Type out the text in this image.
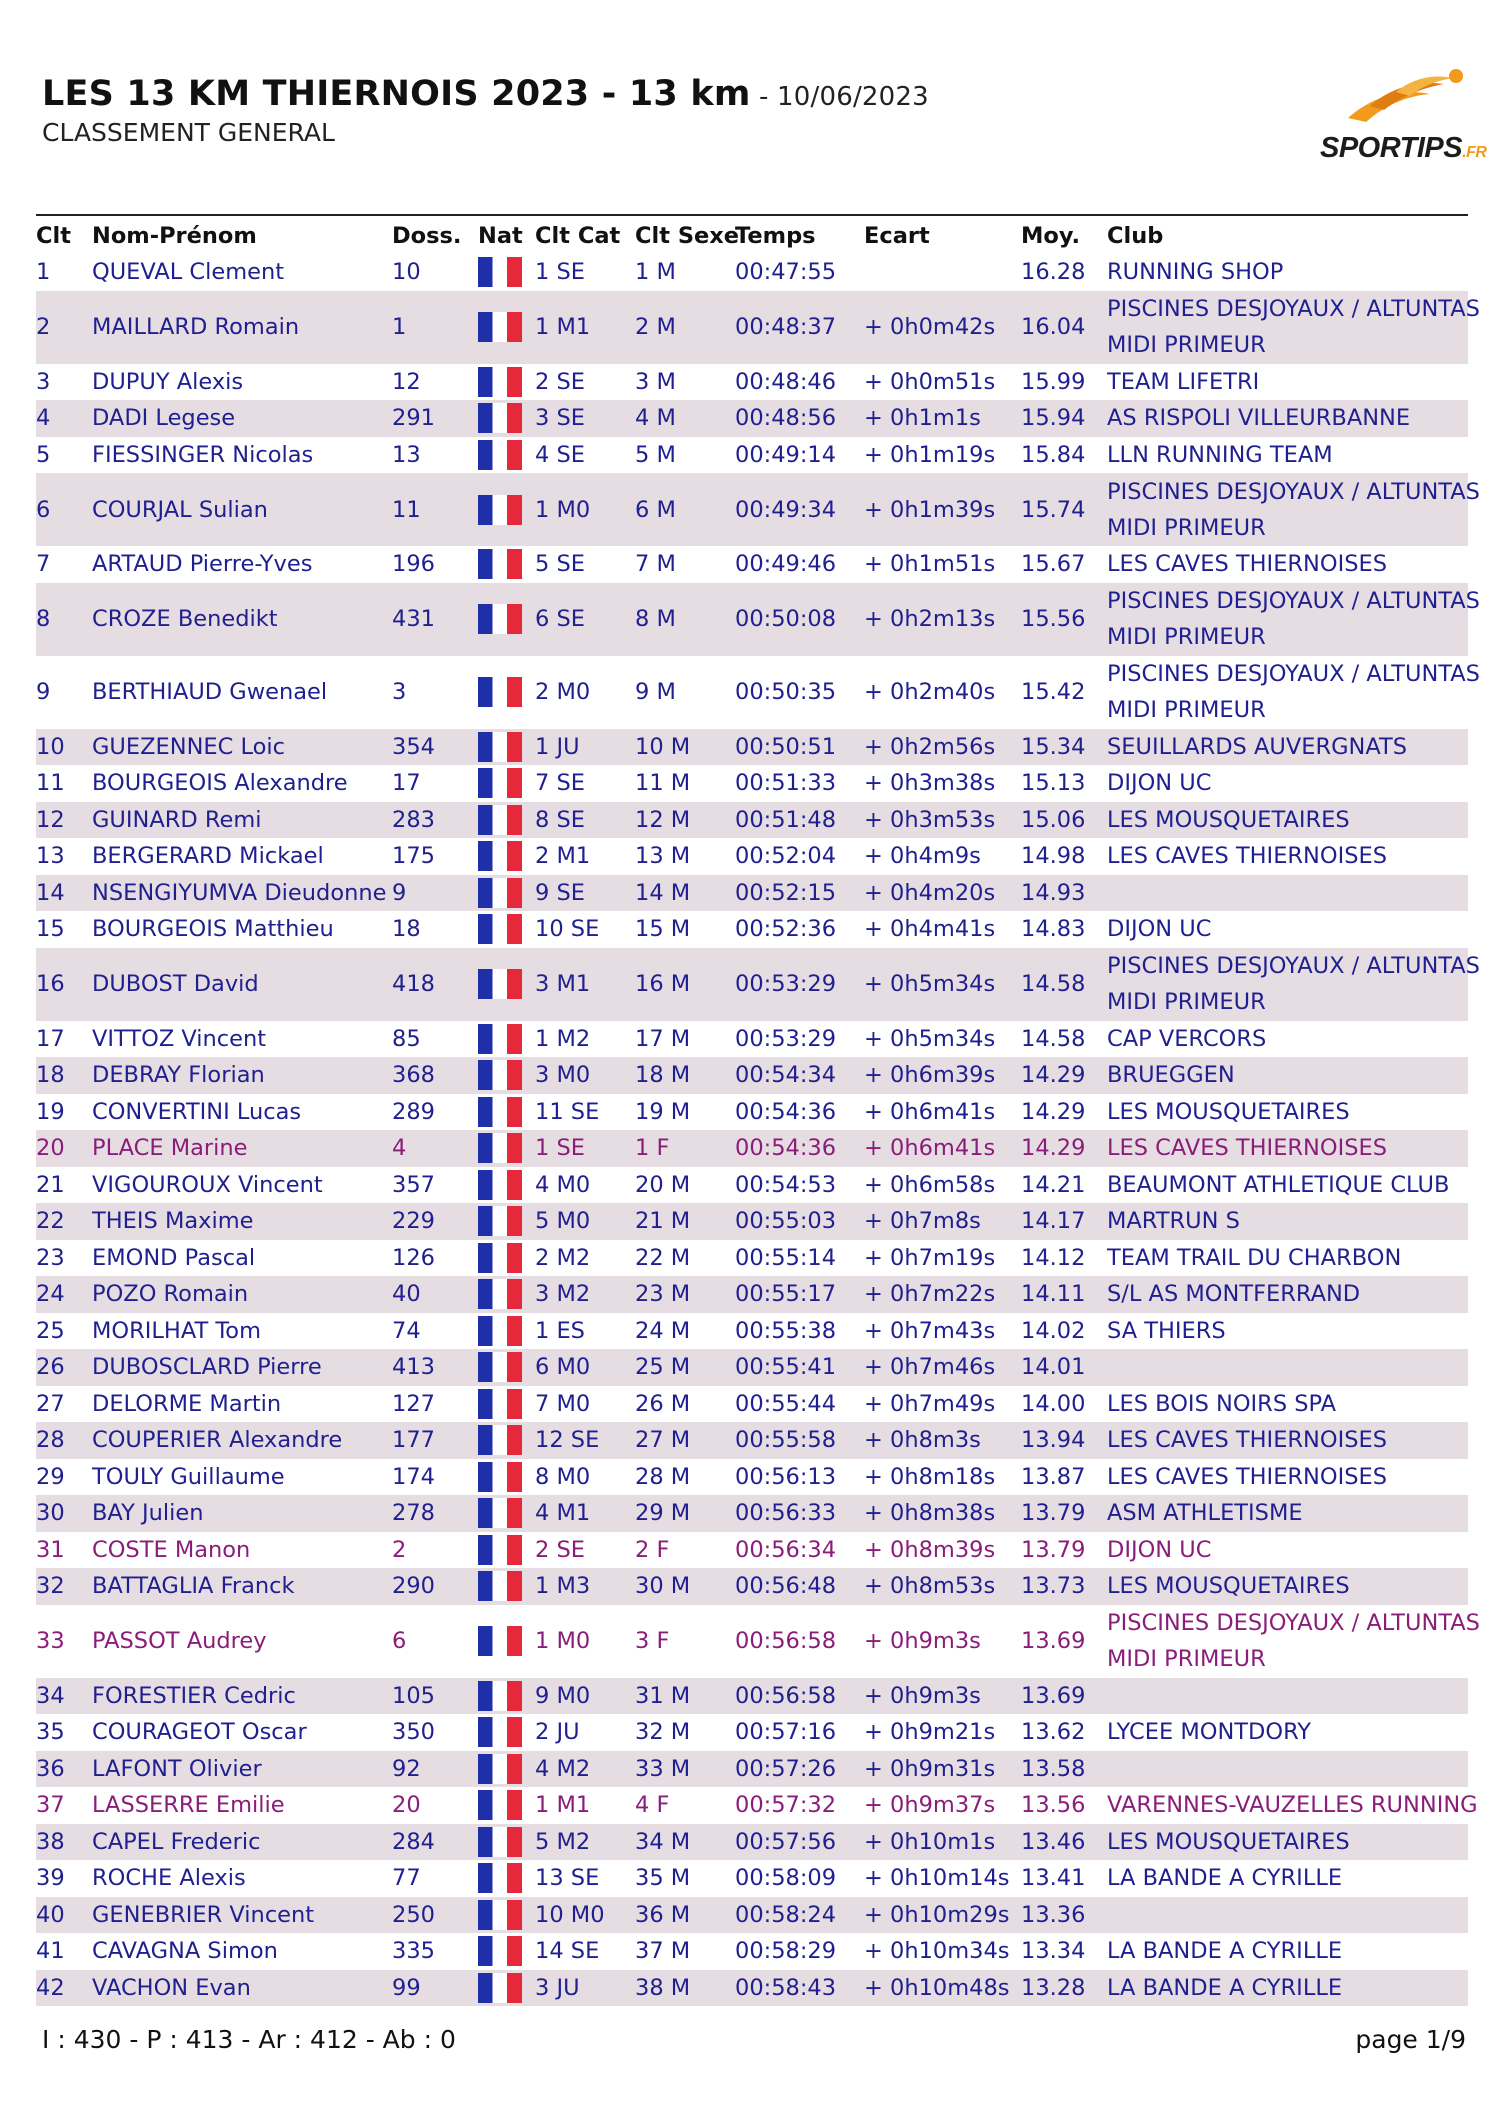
LES 13 KM THIERNOIS 2023 - 13 km - 10/06/2023
CLASSEMENT GENERAL	SPORTIPS.FR
Clt	Nom-Prénom	Doss.	Nat	Clt Cat	Clt Sexe	Temps	Ecart	Moy.	Club
1	QUEVAL Clement	10		1 SE	1 M	00:47:55		16.28	RUNNING SHOP

2	MAILLARD Romain	1		1 M1	2 M	00:48:37	+ 0h0m42s	16.04	PISCINES DESJOYAUX / ALTUNTAS
MIDI PRIMEUR

3	DUPUY Alexis	12		2 SE	3 M	00:48:46	+ 0h0m51s	15.99	TEAM LIFETRI

4	DADI Legese	291		3 SE	4 M	00:48:56	+ 0h1m1s	15.94	AS RISPOLI VILLEURBANNE

5	FIESSINGER Nicolas	13		4 SE	5 M	00:49:14	+ 0h1m19s	15.84	LLN RUNNING TEAM

6	COURJAL Sulian	11		1 M0	6 M	00:49:34	+ 0h1m39s	15.74	PISCINES DESJOYAUX / ALTUNTAS
MIDI PRIMEUR

7	ARTAUD Pierre-Yves	196		5 SE	7 M	00:49:46	+ 0h1m51s	15.67	LES CAVES THIERNOISES

8	CROZE Benedikt	431		6 SE	8 M	00:50:08	+ 0h2m13s	15.56	PISCINES DESJOYAUX / ALTUNTAS
MIDI PRIMEUR

9	BERTHIAUD Gwenael	3		2 M0	9 M	00:50:35	+ 0h2m40s	15.42	PISCINES DESJOYAUX / ALTUNTAS
MIDI PRIMEUR

10	GUEZENNEC Loic	354		1 JU	10 M	00:50:51	+ 0h2m56s	15.34	SEUILLARDS AUVERGNATS

11	BOURGEOIS Alexandre	17		7 SE	11 M	00:51:33	+ 0h3m38s	15.13	DIJON UC

12	GUINARD Remi	283		8 SE	12 M	00:51:48	+ 0h3m53s	15.06	LES MOUSQUETAIRES

13	BERGERARD Mickael	175		2 M1	13 M	00:52:04	+ 0h4m9s	14.98	LES CAVES THIERNOISES

14	NSENGIYUMVA Dieudonne	9		9 SE	14 M	00:52:15	+ 0h4m20s	14.93	

15	BOURGEOIS Matthieu	18		10 SE	15 M	00:52:36	+ 0h4m41s	14.83	DIJON UC

16	DUBOST David	418		3 M1	16 M	00:53:29	+ 0h5m34s	14.58	PISCINES DESJOYAUX / ALTUNTAS
MIDI PRIMEUR

17	VITTOZ Vincent	85		1 M2	17 M	00:53:29	+ 0h5m34s	14.58	CAP VERCORS

18	DEBRAY Florian	368		3 M0	18 M	00:54:34	+ 0h6m39s	14.29	BRUEGGEN

19	CONVERTINI Lucas	289		11 SE	19 M	00:54:36	+ 0h6m41s	14.29	LES MOUSQUETAIRES

20	PLACE Marine	4		1 SE	1 F	00:54:36	+ 0h6m41s	14.29	LES CAVES THIERNOISES

21	VIGOUROUX Vincent	357		4 M0	20 M	00:54:53	+ 0h6m58s	14.21	BEAUMONT ATHLETIQUE CLUB

22	THEIS Maxime	229		5 M0	21 M	00:55:03	+ 0h7m8s	14.17	MARTRUN S

23	EMOND Pascal	126		2 M2	22 M	00:55:14	+ 0h7m19s	14.12	TEAM TRAIL DU CHARBON

24	POZO Romain	40		3 M2	23 M	00:55:17	+ 0h7m22s	14.11	S/L AS MONTFERRAND

25	MORILHAT Tom	74		1 ES	24 M	00:55:38	+ 0h7m43s	14.02	SA THIERS

26	DUBOSCLARD Pierre	413		6 M0	25 M	00:55:41	+ 0h7m46s	14.01	

27	DELORME Martin	127		7 M0	26 M	00:55:44	+ 0h7m49s	14.00	LES BOIS NOIRS SPA

28	COUPERIER Alexandre	177		12 SE	27 M	00:55:58	+ 0h8m3s	13.94	LES CAVES THIERNOISES

29	TOULY Guillaume	174		8 M0	28 M	00:56:13	+ 0h8m18s	13.87	LES CAVES THIERNOISES

30	BAY Julien	278		4 M1	29 M	00:56:33	+ 0h8m38s	13.79	ASM ATHLETISME

31	COSTE Manon	2		2 SE	2 F	00:56:34	+ 0h8m39s	13.79	DIJON UC

32	BATTAGLIA Franck	290		1 M3	30 M	00:56:48	+ 0h8m53s	13.73	LES MOUSQUETAIRES

33	PASSOT Audrey	6		1 M0	3 F	00:56:58	+ 0h9m3s	13.69	PISCINES DESJOYAUX / ALTUNTAS
MIDI PRIMEUR

34	FORESTIER Cedric	105		9 M0	31 M	00:56:58	+ 0h9m3s	13.69	

35	COURAGEOT Oscar	350		2 JU	32 M	00:57:16	+ 0h9m21s	13.62	LYCEE MONTDORY

36	LAFONT Olivier	92		4 M2	33 M	00:57:26	+ 0h9m31s	13.58	

37	LASSERRE Emilie	20		1 M1	4 F	00:57:32	+ 0h9m37s	13.56	VARENNES-VAUZELLES RUNNING

38	CAPEL Frederic	284		5 M2	34 M	00:57:56	+ 0h10m1s	13.46	LES MOUSQUETAIRES

39	ROCHE Alexis	77		13 SE	35 M	00:58:09	+ 0h10m14s	13.41	LA BANDE A CYRILLE

40	GENEBRIER Vincent	250		10 M0	36 M	00:58:24	+ 0h10m29s	13.36	

41	CAVAGNA Simon	335		14 SE	37 M	00:58:29	+ 0h10m34s	13.34	LA BANDE A CYRILLE

42	VACHON Evan	99		3 JU	38 M	00:58:43	+ 0h10m48s	13.28	LA BANDE A CYRILLE
I : 430 - P : 413 - Ar : 412 - Ab : 0	page 1/9
